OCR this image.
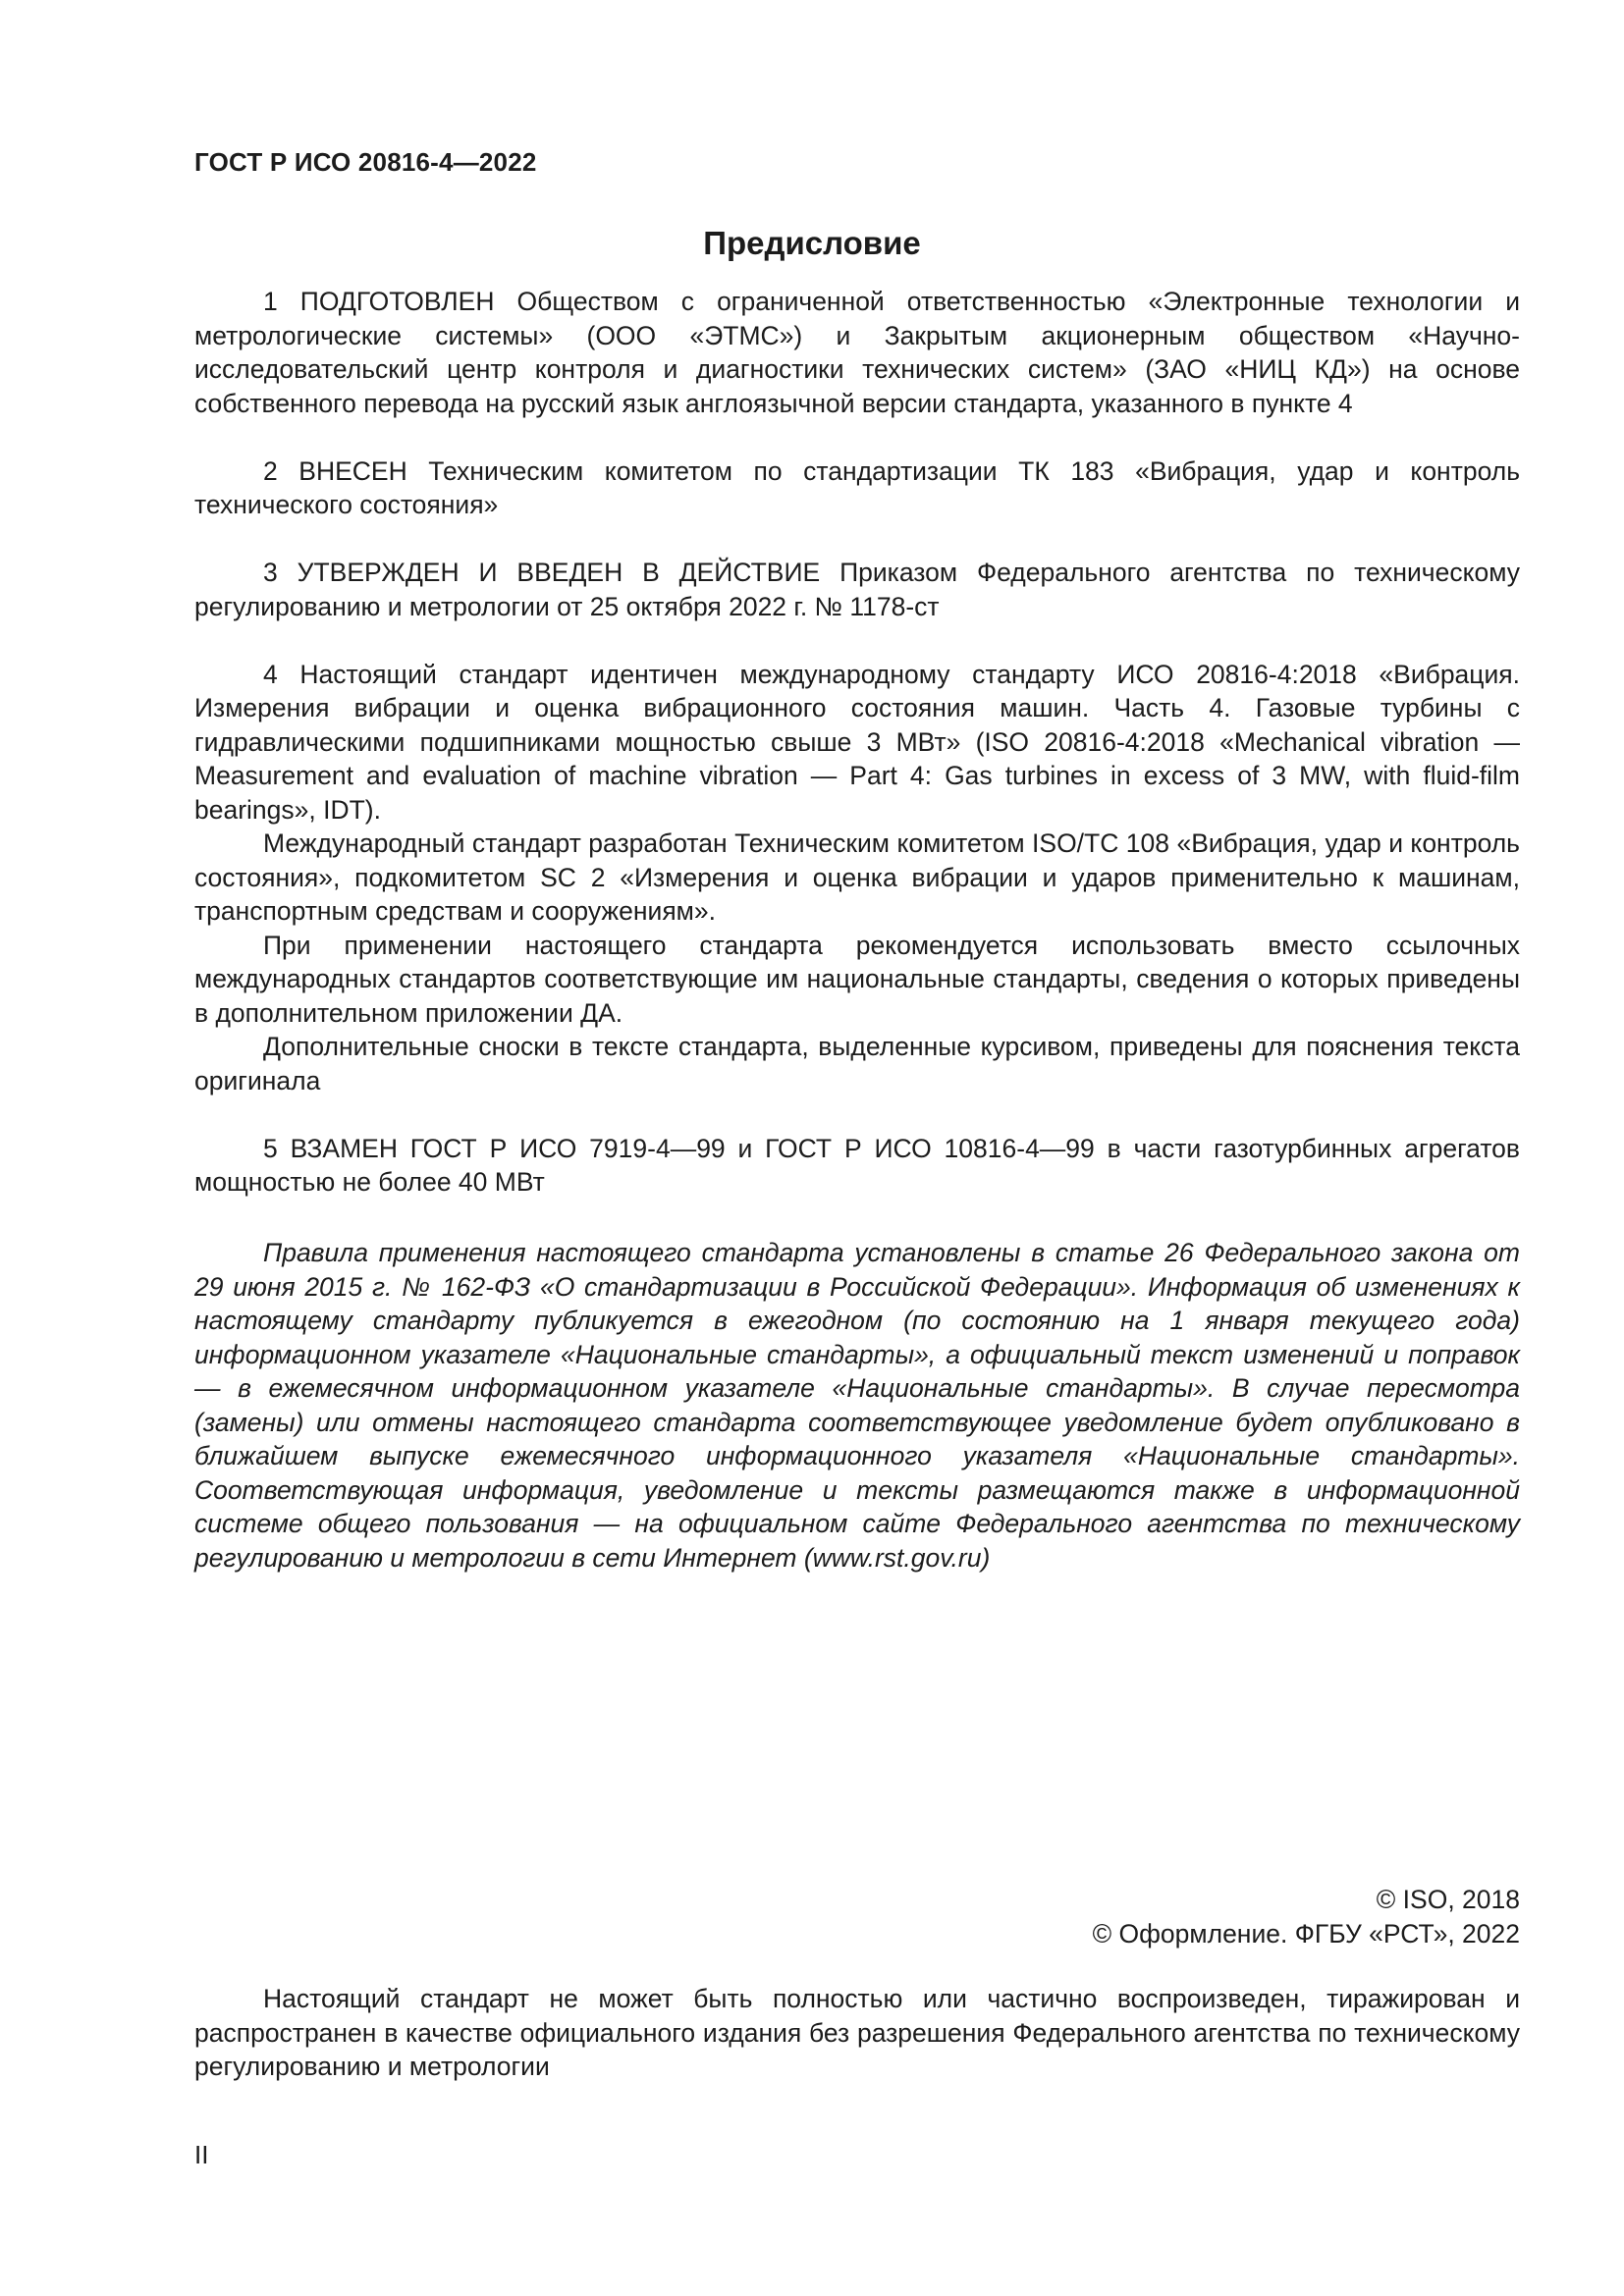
ГОСТ Р ИСО 20816-4—2022
Предисловие

1 ПОДГОТОВЛЕН Обществом с ограниченной ответственностью «Электронные технологии и метрологические системы» (ООО «ЭТМС») и Закрытым акционерным обществом «Научно-исследовательский центр контроля и диагностики технических систем» (ЗАО «НИЦ КД») на основе собственного перевода на русский язык англоязычной версии стандарта, указанного в пункте 4

2 ВНЕСЕН Техническим комитетом по стандартизации ТК 183 «Вибрация, удар и контроль технического состояния»

3 УТВЕРЖДЕН И ВВЕДЕН В ДЕЙСТВИЕ Приказом Федерального агентства по техническому регулированию и метрологии от 25 октября 2022 г. № 1178-ст

4 Настоящий стандарт идентичен международному стандарту ИСО 20816-4:2018 «Вибрация. Измерения вибрации и оценка вибрационного состояния машин. Часть 4. Газовые турбины с гидравлическими подшипниками мощностью свыше 3 МВт» (ISO 20816-4:2018 «Mechanical vibration — Measurement and evaluation of machine vibration — Part 4: Gas turbines in excess of 3 MW, with fluid-film bearings», IDT).

Международный стандарт разработан Техническим комитетом ISO/TC 108 «Вибрация, удар и контроль состояния», подкомитетом SC 2 «Измерения и оценка вибрации и ударов применительно к машинам, транспортным средствам и сооружениям».

При применении настоящего стандарта рекомендуется использовать вместо ссылочных международных стандартов соответствующие им национальные стандарты, сведения о которых приведены в дополнительном приложении ДА.

Дополнительные сноски в тексте стандарта, выделенные курсивом, приведены для пояснения текста оригинала

5 ВЗАМЕН ГОСТ Р ИСО 7919-4—99 и ГОСТ Р ИСО 10816-4—99 в части газотурбинных агрегатов мощностью не более 40 МВт

Правила применения настоящего стандарта установлены в статье 26 Федерального закона от 29 июня 2015 г. № 162-ФЗ «О стандартизации в Российской Федерации». Информация об изменениях к настоящему стандарту публикуется в ежегодном (по состоянию на 1 января текущего года) информационном указателе «Национальные стандарты», а официальный текст изменений и поправок — в ежемесячном информационном указателе «Национальные стандарты». В случае пересмотра (замены) или отмены настоящего стандарта соответствующее уведомление будет опубликовано в ближайшем выпуске ежемесячного информационного указателя «Национальные стандарты». Соответствующая информация, уведомление и тексты размещаются также в информационной системе общего пользования — на официальном сайте Федерального агентства по техническому регулированию и метрологии в сети Интернет (www.rst.gov.ru)

© ISO, 2018
© Оформление. ФГБУ «РСТ», 2022

Настоящий стандарт не может быть полностью или частично воспроизведен, тиражирован и распространен в качестве официального издания без разрешения Федерального агентства по техническому регулированию и метрологии

II
